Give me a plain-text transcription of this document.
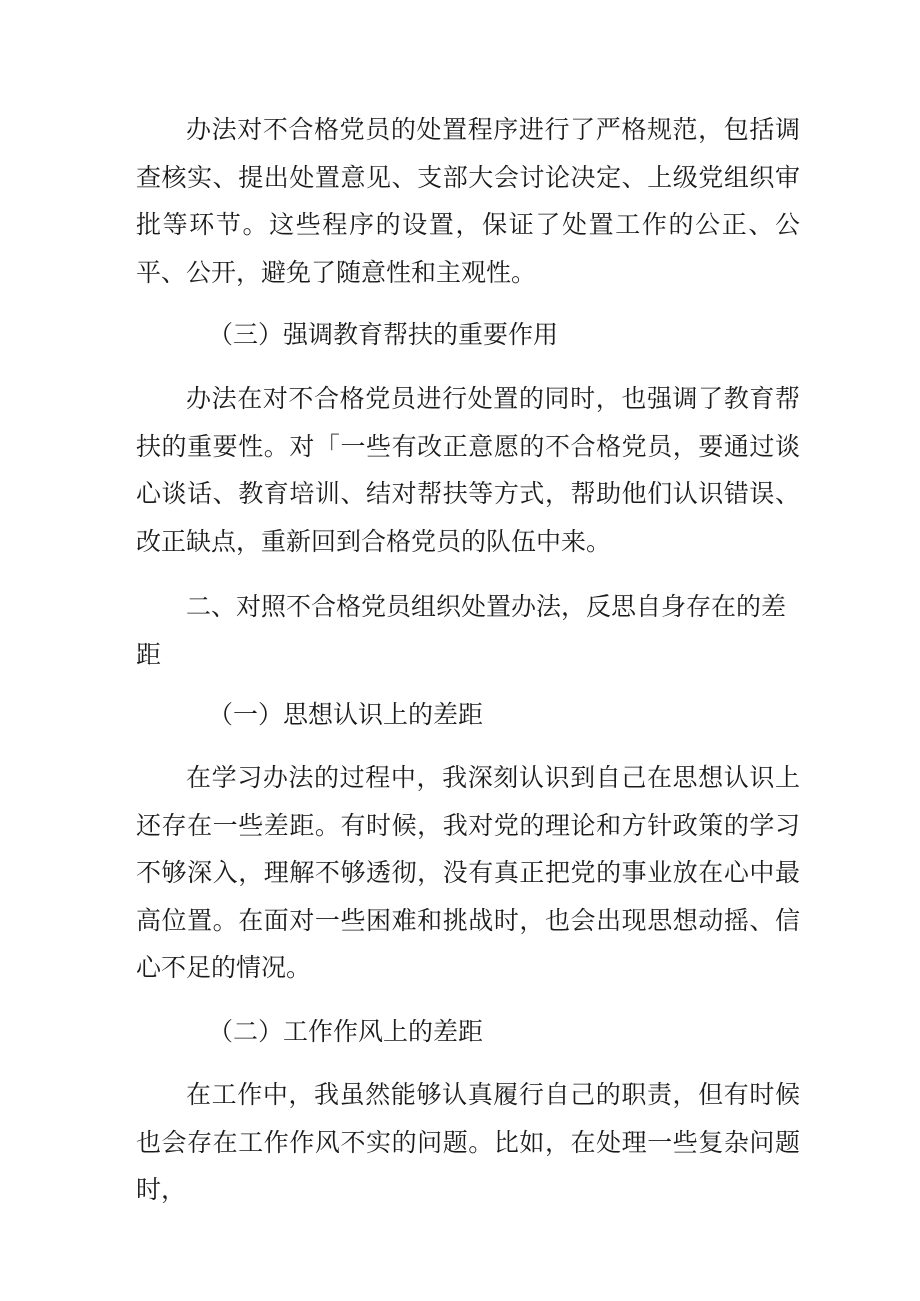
办法对不合格党员的处置程序进行了严格规范，包括调查核实、提出处置意见、支部大会讨论决定、上级党组织审批等环节。这些程序的设置，保证了处置工作的公正、公平、公开，避免了随意性和主观性。

（三）强调教育帮扶的重要作用

办法在对不合格党员进行处置的同时，也强调了教育帮扶的重要性。对「一些有改正意愿的不合格党员，要通过谈心谈话、教育培训、结对帮扶等方式，帮助他们认识错误、改正缺点，重新回到合格党员的队伍中来。

二、对照不合格党员组织处置办法，反思自身存在的差距

（一）思想认识上的差距

在学习办法的过程中，我深刻认识到自己在思想认识上还存在一些差距。有时候，我对党的理论和方针政策的学习不够深入，理解不够透彻，没有真正把党的事业放在心中最高位置。在面对一些困难和挑战时，也会出现思想动摇、信心不足的情况。

（二）工作作风上的差距

在工作中，我虽然能够认真履行自己的职责，但有时候也会存在工作作风不实的问题。比如，在处理一些复杂问题时，
